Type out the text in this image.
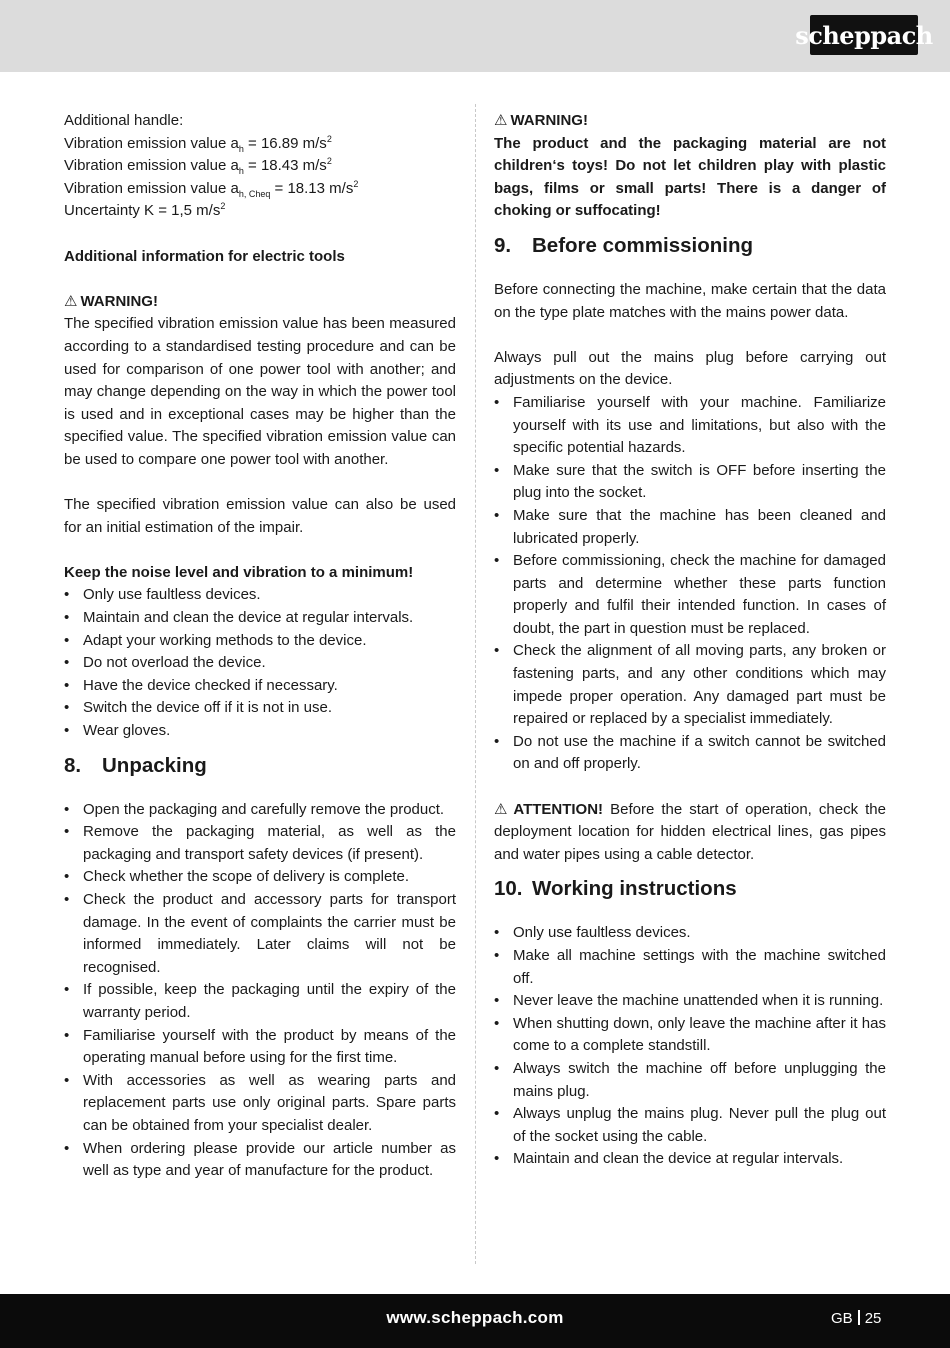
scheppach

Additional handle:

Vibration emission value $a_h = 16.89$ $m/s^2$

Vibration emission value $a_h = 18.43$ $m/s^2$

Vibration emission value $a_{h, Cheq} = 18.13$ $m/s^2$

Uncertainty K = 1,5 $m/s^2$

Additional information for electric tools

⚠ WARNING!

The specified vibration emission value has been measured according to a standardised testing procedure and can be used for comparison of one power tool with another; and may change depending on the way in which the power tool is used and in exceptional cases may be higher than the specified value. The specified vibration emission value can be used to compare one power tool with another.

The specified vibration emission value can also be used for an initial estimation of the impair.

Keep the noise level and vibration to a minimum!

• Only use faultless devices.
• Maintain and clean the device at regular intervals.
• Adapt your working methods to the device.
• Do not overload the device.
• Have the device checked if necessary.
• Switch the device off if it is not in use.
• Wear gloves.
8. Unpacking
• Open the packaging and carefully remove the product.
• Remove the packaging material, as well as the packaging and transport safety devices (if present).
• Check whether the scope of delivery is complete.
• Check the product and accessory parts for transport damage. In the event of complaints the carrier must be informed immediately. Later claims will not be recognised.
• If possible, keep the packaging until the expiry of the warranty period.
• Familiarise yourself with the product by means of the operating manual before using for the first time.
• With accessories as well as wearing parts and replacement parts use only original parts. Spare parts can be obtained from your specialist dealer.
• When ordering please provide our article number as well as type and year of manufacture for the product.

⚠ WARNING!

The product and the packaging material are not children‘s toys! Do not let children play with plastic bags, films or small parts! There is a danger of choking or suffocating!

9. Before commissioning

Before connecting the machine, make certain that the data on the type plate matches with the mains power data.

Always pull out the mains plug before carrying out adjustments on the device.

• Familiarise yourself with your machine. Familiarize yourself with its use and limitations, but also with the specific potential hazards.
• Make sure that the switch is OFF before inserting the plug into the socket.
• Make sure that the machine has been cleaned and lubricated properly.
• Before commissioning, check the machine for damaged parts and determine whether these parts function properly and fulfil their intended function. In cases of doubt, the part in question must be replaced.
• Check the alignment of all moving parts, any broken or fastening parts, and any other conditions which may impede proper operation. Any damaged part must be repaired or replaced by a specialist immediately.
• Do not use the machine if a switch cannot be switched on and off properly.

⚠ ATTENTION! Before the start of operation, check the deployment location for hidden electrical lines, gas pipes and water pipes using a cable detector.

10. Working instructions
• Only use faultless devices.
• Make all machine settings with the machine switched off.
• Never leave the machine unattended when it is running.
• When shutting down, only leave the machine after it has come to a complete standstill.
• Always switch the machine off before unplugging the mains plug.
• Always unplug the mains plug. Never pull the plug out of the socket using the cable.
• Maintain and clean the device at regular intervals.
www.scheppach.com	GB 25
